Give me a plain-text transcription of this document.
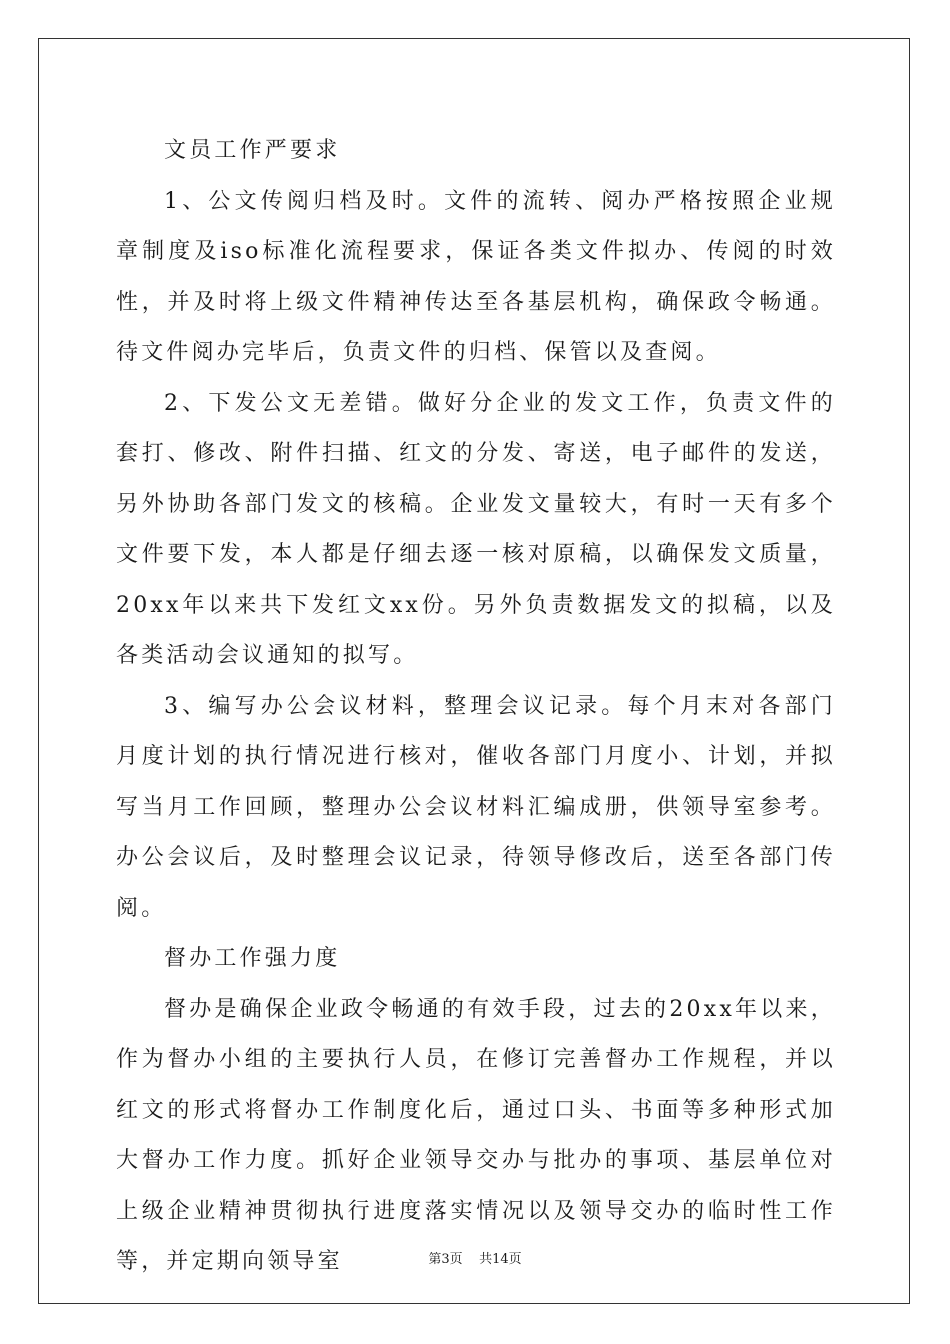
文员工作严要求

1、公文传阅归档及时。文件的流转、阅办严格按照企业规章制度及iso标准化流程要求，保证各类文件拟办、传阅的时效性，并及时将上级文件精神传达至各基层机构，确保政令畅通。待文件阅办完毕后，负责文件的归档、保管以及查阅。

2、下发公文无差错。做好分企业的发文工作，负责文件的套打、修改、附件扫描、红文的分发、寄送，电子邮件的发送，另外协助各部门发文的核稿。企业发文量较大，有时一天有多个文件要下发，本人都是仔细去逐一核对原稿，以确保发文质量，20xx年以来共下发红文xx份。另外负责数据发文的拟稿，以及各类活动会议通知的拟写。

3、编写办公会议材料，整理会议记录。每个月末对各部门月度计划的执行情况进行核对，催收各部门月度小、计划，并拟写当月工作回顾，整理办公会议材料汇编成册，供领导室参考。办公会议后，及时整理会议记录，待领导修改后，送至各部门传阅。

督办工作强力度

督办是确保企业政令畅通的有效手段，过去的20xx年以来，作为督办小组的主要执行人员，在修订完善督办工作规程，并以红文的形式将督办工作制度化后，通过口头、书面等多种形式加大督办工作力度。抓好企业领导交办与批办的事项、基层单位对上级企业精神贯彻执行进度落实情况以及领导交办的临时性工作等，并定期向领导室	第3页 共14页
